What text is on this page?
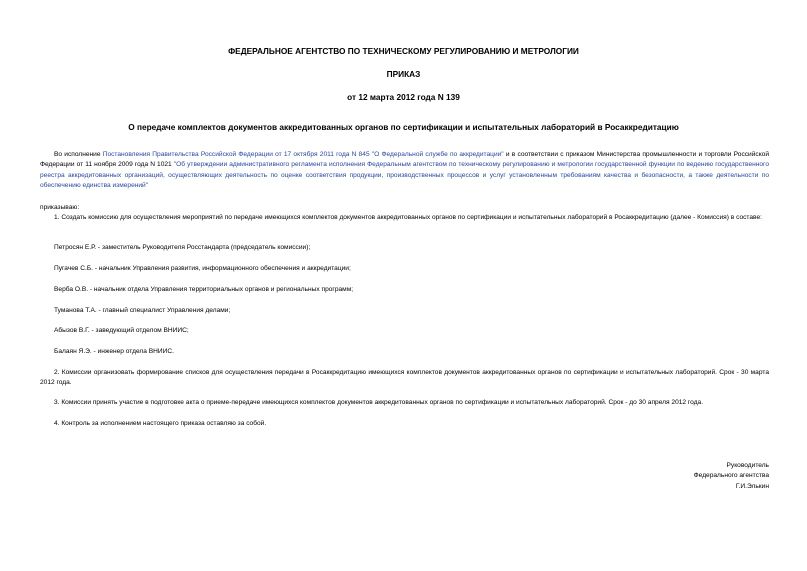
ФЕДЕРАЛЬНОЕ АГЕНТСТВО ПО ТЕХНИЧЕСКОМУ РЕГУЛИРОВАНИЮ И МЕТРОЛОГИИ

ПРИКАЗ

от 12 марта 2012 года N 139

О передаче комплектов документов аккредитованных органов по сертификации и испытательных лабораторий в Росаккредитацию

Во исполнение Постановления Правительства Российской Федерации от 17 октября 2011 года N 845 "О Федеральной службе по аккредитации" и в соответствии с приказом Министерства промышленности и торговли Российской Федерации от 11 ноября 2009 года N 1021 "Об утверждении административного регламента исполнения Федеральным агентством по техническому регулированию и метрологии государственной функции по ведению государственного реестра аккредитованных организаций, осуществляющих деятельность по оценке соответствия продукции, производственных процессов и услуг установленным требованиям качества и безопасности, а также деятельности по обеспечению единства измерений"

приказываю:

1. Создать комиссию для осуществления мероприятий по передаче имеющихся комплектов документов аккредитованных органов по сертификации и испытательных лабораторий в Росаккредитацию (далее - Комиссия) в составе:

Петросян Е.Р. - заместитель Руководителя Росстандарта (председатель комиссии);

Пугачев С.Б. - начальник Управления развития, информационного обеспечения и аккредитации;

Верба О.В. - начальник отдела Управления территориальных органов и региональных программ;

Туманова Т.А. - главный специалист Управления делами;

Абызов В.Г. - заведующий отделом ВНИИС;

Балаян Я.Э. - инженер отдела ВНИИС.

2. Комиссии организовать формирование списков для осуществления передачи в Росаккредитацию имеющихся комплектов документов аккредитованных органов по сертификации и испытательных лабораторий. Срок - 30 марта 2012 года.

3. Комиссии принять участие в подготовке акта о приеме-передаче имеющихся комплектов документов аккредитованных органов по сертификации и испытательных лабораторий. Срок - до 30 апреля 2012 года.

4. Контроль за исполнением настоящего приказа оставляю за собой.

Руководитель
Федерального агентства
Г.И.Элькин
